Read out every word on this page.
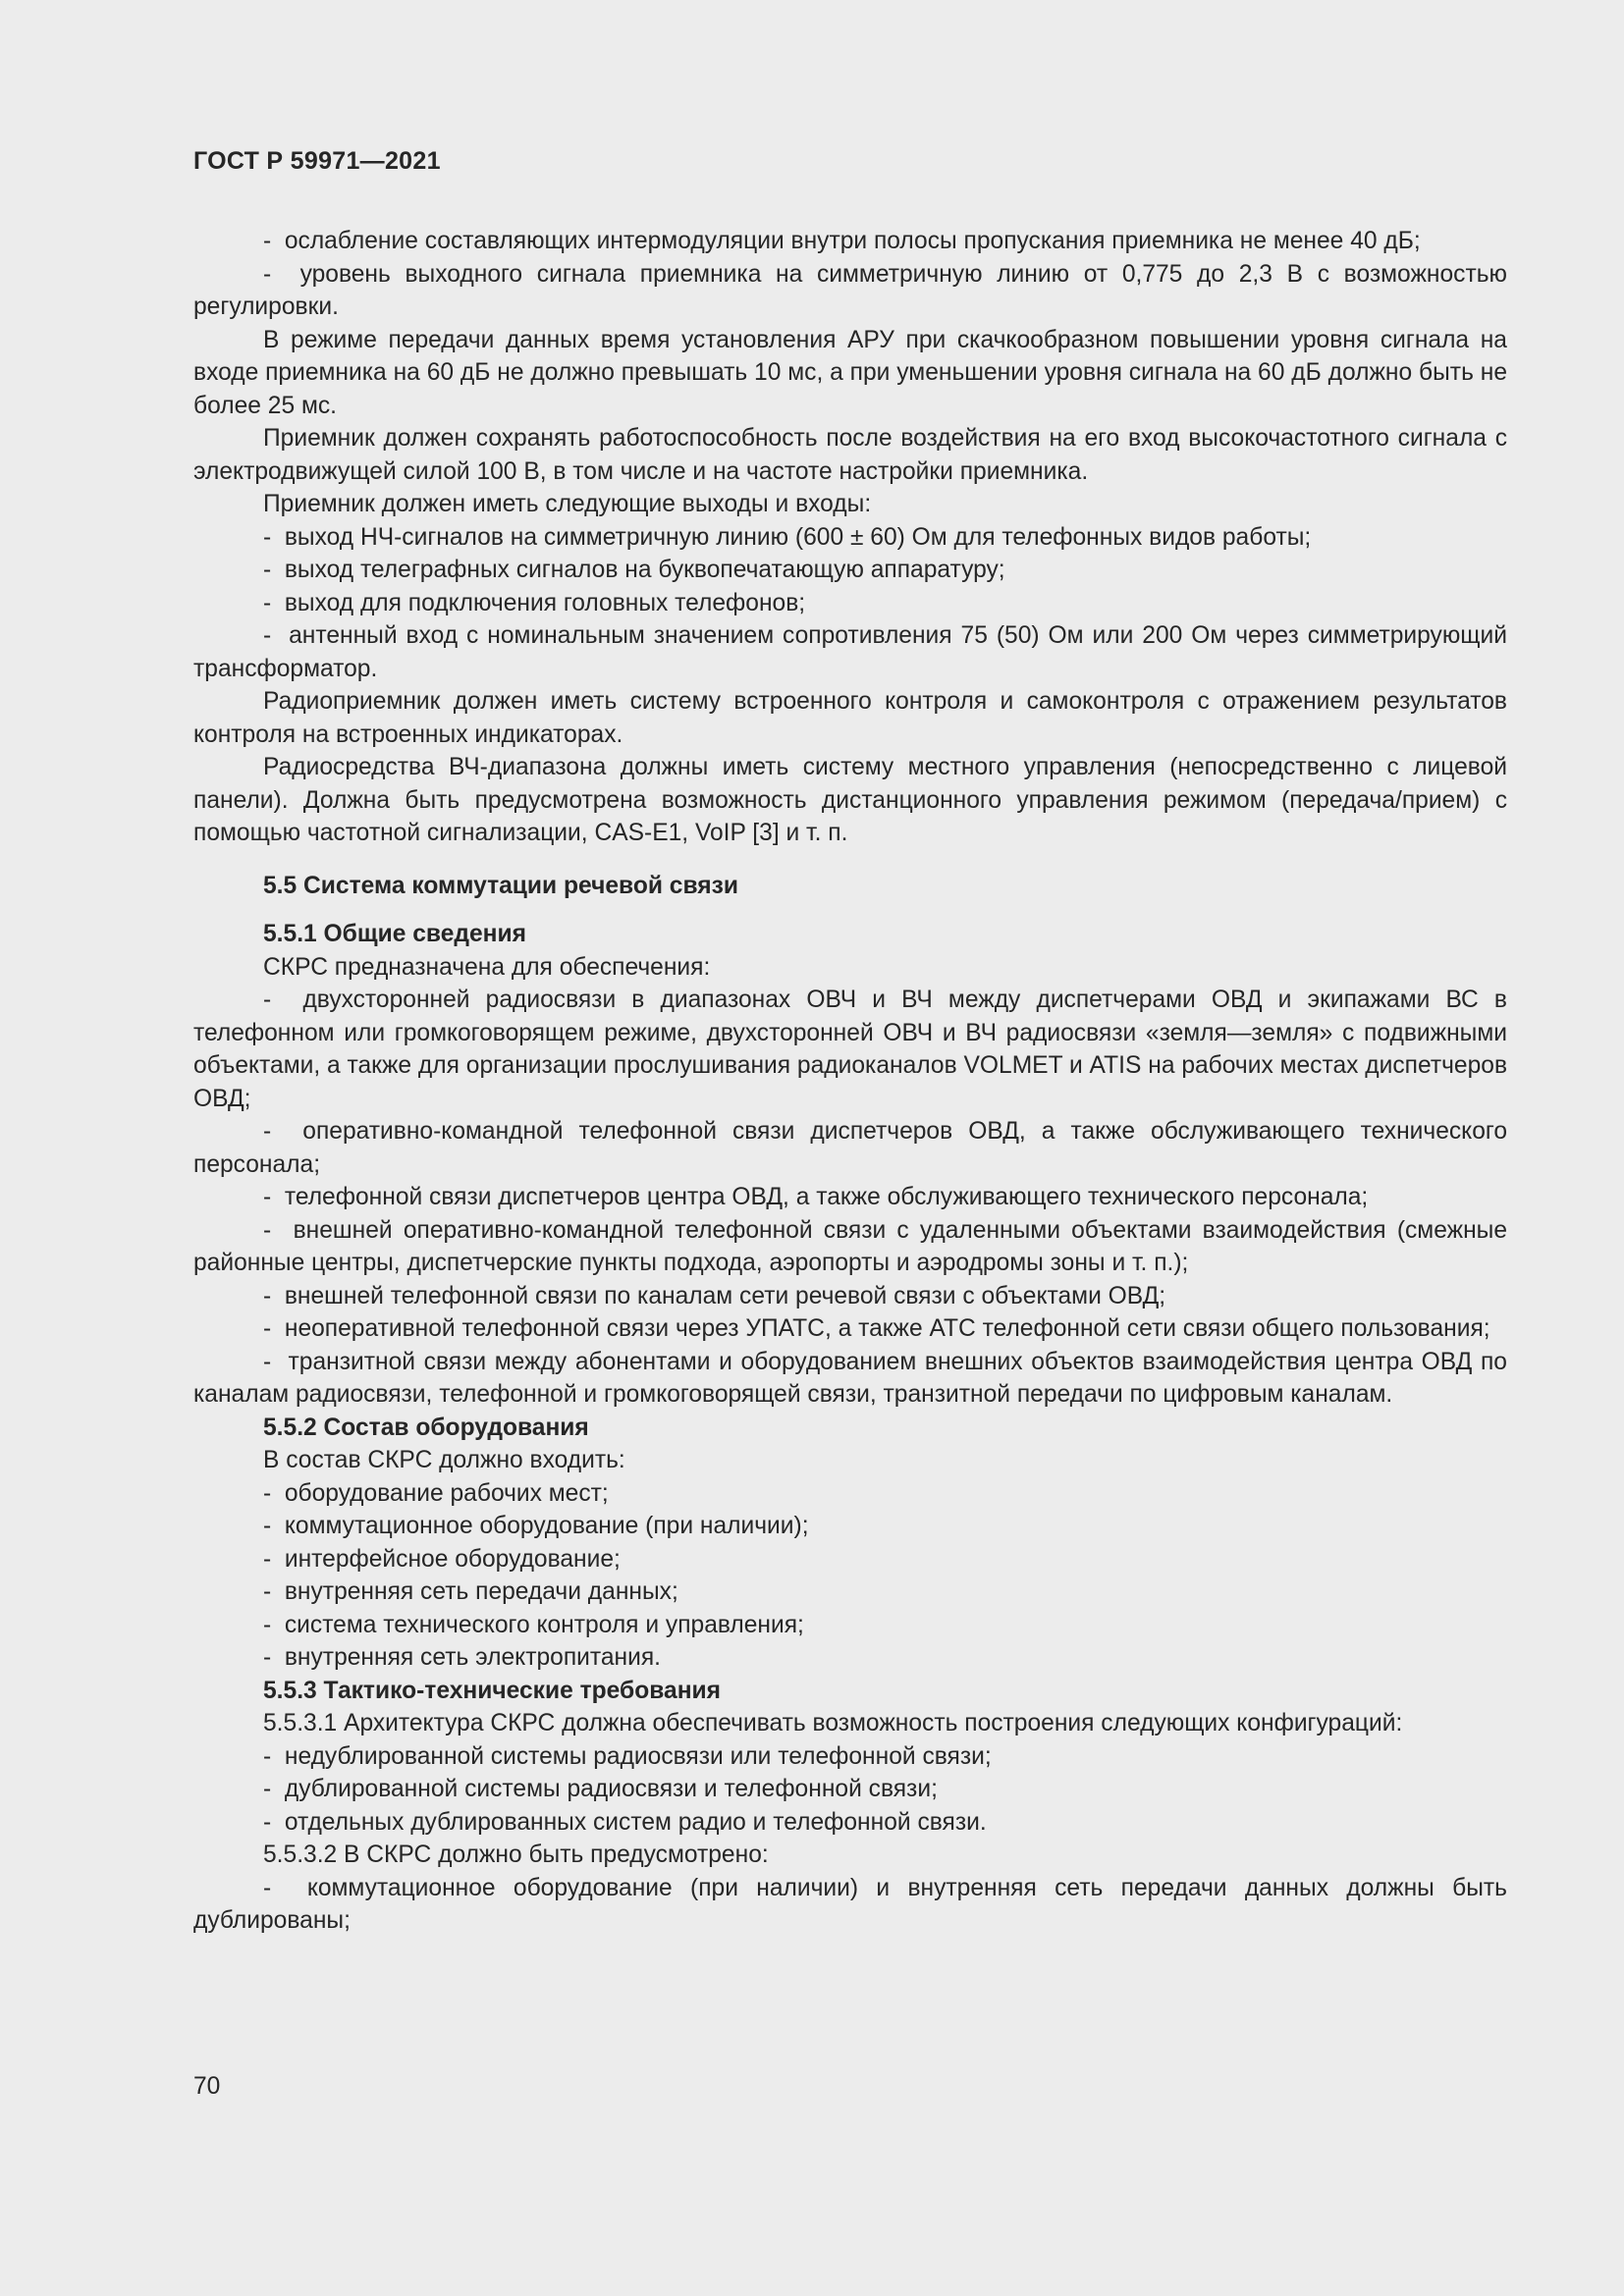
ГОСТ Р 59971—2021

-  ослабление составляющих интермодуляции внутри полосы пропускания приемника не менее 40 дБ;

-  уровень выходного сигнала приемника на симметричную линию от 0,775 до 2,3 В с возможностью регулировки.

В режиме передачи данных время установления АРУ при скачкообразном повышении уровня сигнала на входе приемника на 60 дБ не должно превышать 10 мс, а при уменьшении уровня сигнала на 60 дБ должно быть не более 25 мс.

Приемник должен сохранять работоспособность после воздействия на его вход высокочастотного сигнала с электродвижущей силой 100 В, в том числе и на частоте настройки приемника.

Приемник должен иметь следующие выходы и входы:

-  выход НЧ-сигналов на симметричную линию (600 ± 60) Ом для телефонных видов работы;

-  выход телеграфных сигналов на буквопечатающую аппаратуру;

-  выход для подключения головных телефонов;

-  антенный вход с номинальным значением сопротивления 75 (50) Ом или 200 Ом через симметрирующий трансформатор.

Радиоприемник должен иметь систему встроенного контроля и самоконтроля с отражением результатов контроля на встроенных индикаторах.

Радиосредства ВЧ-диапазона должны иметь систему местного управления (непосредственно с лицевой панели). Должна быть предусмотрена возможность дистанционного управления режимом (передача/прием) с помощью частотной сигнализации, CAS-E1, VoIP [3] и т. п.

5.5 Система коммутации речевой связи
5.5.1 Общие сведения

СКРС предназначена для обеспечения:

-  двухсторонней радиосвязи в диапазонах ОВЧ и ВЧ между диспетчерами ОВД и экипажами ВС в телефонном или громкоговорящем режиме, двухсторонней ОВЧ и ВЧ радиосвязи «земля—земля» с подвижными объектами, а также для организации прослушивания радиоканалов VOLMET и ATIS на рабочих местах диспетчеров ОВД;

-  оперативно-командной телефонной связи диспетчеров ОВД, а также обслуживающего технического персонала;

-  телефонной связи диспетчеров центра ОВД, а также обслуживающего технического персонала;

-  внешней оперативно-командной телефонной связи с удаленными объектами взаимодействия (смежные районные центры, диспетчерские пункты подхода, аэропорты и аэродромы зоны и т. п.);

-  внешней телефонной связи по каналам сети речевой связи с объектами ОВД;

-  неоперативной телефонной связи через УПАТС, а также АТС телефонной сети связи общего пользования;

-  транзитной связи между абонентами и оборудованием внешних объектов взаимодействия центра ОВД по каналам радиосвязи, телефонной и громкоговорящей связи, транзитной передачи по цифровым каналам.

5.5.2 Состав оборудования

В состав СКРС должно входить:

-  оборудование рабочих мест;

-  коммутационное оборудование (при наличии);

-  интерфейсное оборудование;

-  внутренняя сеть передачи данных;

-  система технического контроля и управления;

-  внутренняя сеть электропитания.

5.5.3 Тактико-технические требования

5.5.3.1 Архитектура СКРС должна обеспечивать возможность построения следующих конфигураций:

-  недублированной системы радиосвязи или телефонной связи;

-  дублированной системы радиосвязи и телефонной связи;

-  отдельных дублированных систем радио и телефонной связи.

5.5.3.2 В СКРС должно быть предусмотрено:

-  коммутационное оборудование (при наличии) и внутренняя сеть передачи данных должны быть дублированы;

70
